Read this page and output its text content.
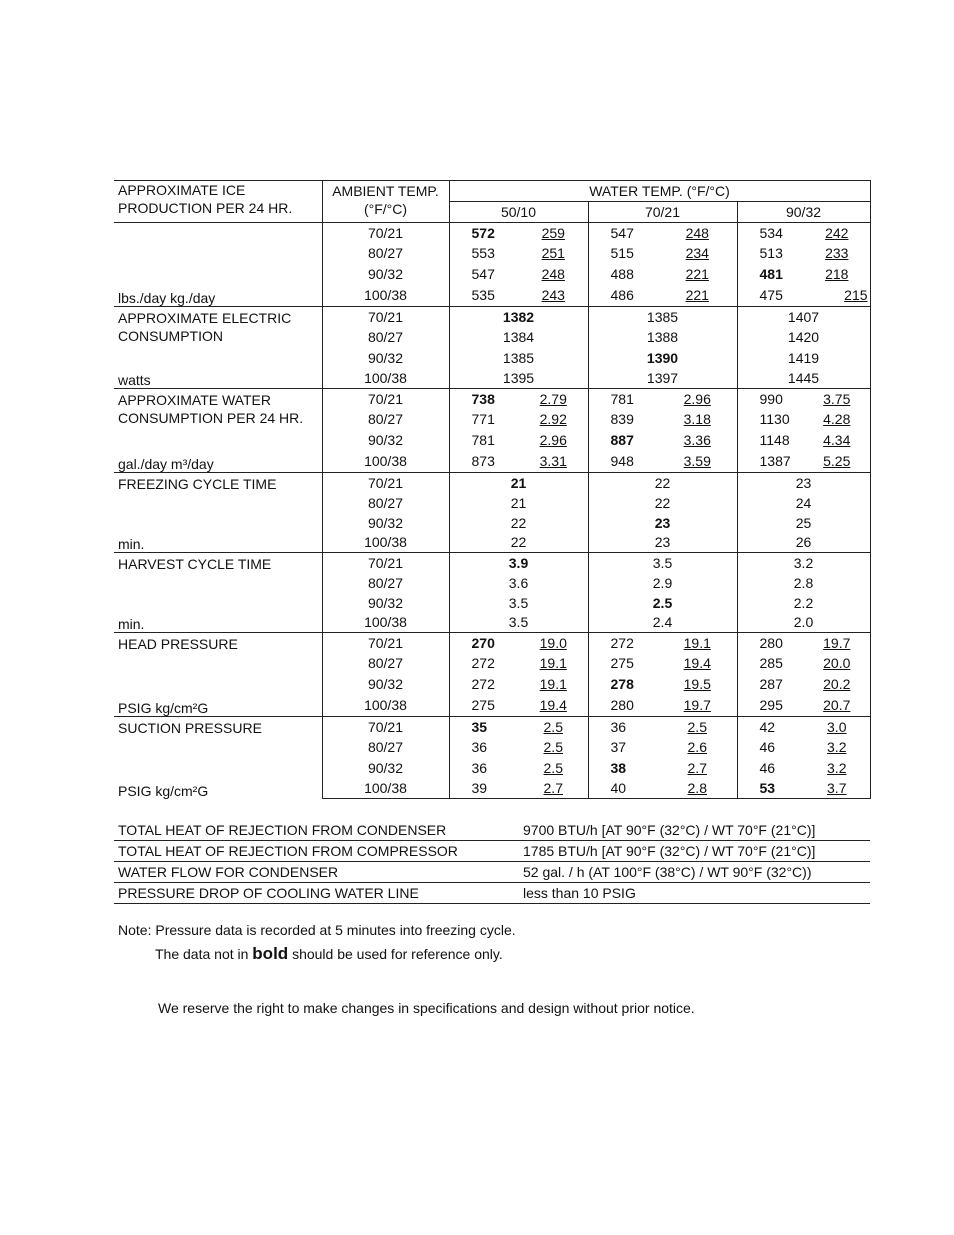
APPROXIMATE ICE PRODUCTION PER 24 HR.	AMBIENT TEMP. (°F/°C)	WATER TEMP. (°F/°C)					
		50/10		70/21		90/32	

lbs./day kg./day	70/21	572	259	547	248	534	242
	80/27	553	251	515	234	513	233
	90/32	547	248	488	221	481	218
	100/38	535	243	486	221	475	215

APPROXIMATE ELECTRIC CONSUMPTION
watts	70/21	1382		1385		1407	
	80/27	1384		1388		1420	
	90/32	1385		1390		1419	
	100/38	1395		1397		1445	

APPROXIMATE WATER CONSUMPTION PER 24 HR.
gal./day m³/day	70/21	738	2.79	781	2.96	990	3.75
	80/27	771	2.92	839	3.18	1130	4.28
	90/32	781	2.96	887	3.36	1148	4.34
	100/38	873	3.31	948	3.59	1387	5.25

FREEZING CYCLE TIME
min.	70/21	21		22		23	
	80/27	21		22		24	
	90/32	22		23		25	
	100/38	22		23		26	

HARVEST CYCLE TIME
min.	70/21	3.9		3.5		3.2	
	80/27	3.6		2.9		2.8	
	90/32	3.5		2.5		2.2	
	100/38	3.5		2.4		2.0	

HEAD PRESSURE
PSIG kg/cm²G	70/21	270	19.0	272	19.1	280	19.7
	80/27	272	19.1	275	19.4	285	20.0
	90/32	272	19.1	278	19.5	287	20.2
	100/38	275	19.4	280	19.7	295	20.7

SUCTION PRESSURE
PSIG kg/cm²G	70/21	35	2.5	36	2.5	42	3.0
	80/27	36	2.5	37	2.6	46	3.2
	90/32	36	2.5	38	2.7	46	3.2
	100/38	39	2.7	40	2.8	53	3.7
TOTAL HEAT OF REJECTION FROM CONDENSER	9700 BTU/h [AT 90°F (32°C) / WT 70°F (21°C)]
TOTAL HEAT OF REJECTION FROM COMPRESSOR	1785 BTU/h [AT 90°F (32°C) / WT 70°F (21°C)]
WATER FLOW FOR CONDENSER	52 gal. / h (AT 100°F (38°C) / WT 90°F (32°C))
PRESSURE DROP OF COOLING WATER LINE	less than 10 PSIG
Note: Pressure data is recorded at 5 minutes into freezing cycle.
The data not in bold should be used for reference only.
We reserve the right to make changes in specifications and design without prior notice.
